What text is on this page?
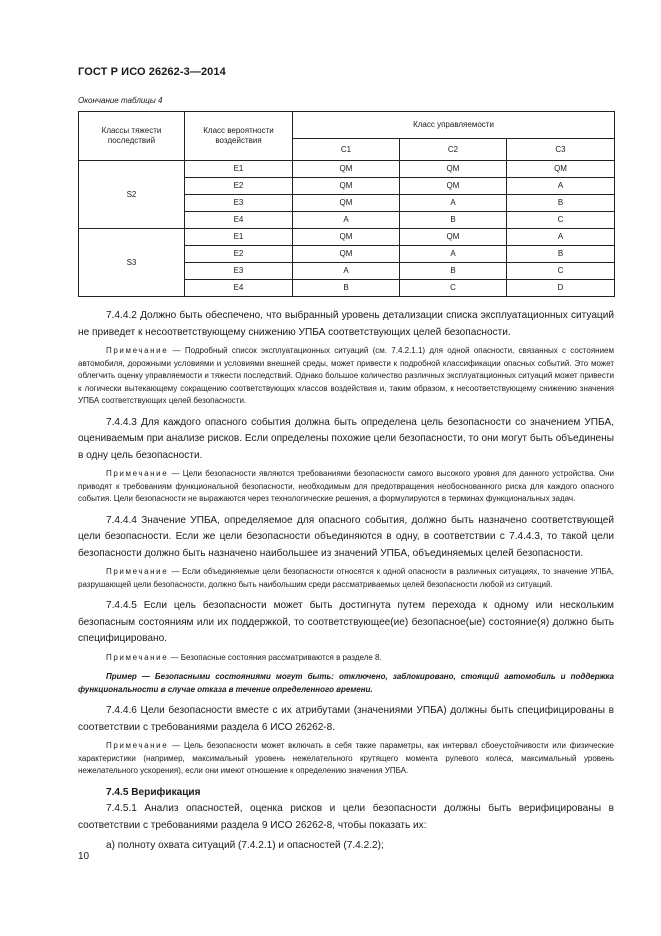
ГОСТ Р ИСО 26262-3—2014
Окончание таблицы 4
Классы тяжести последствий	Класс вероятности воздействия	Класс управляемости		
		C1	C2	C3
S2	E1	QM	QM	QM
	E2	QM	QM	A
	E3	QM	A	B
	E4	A	B	C
S3	E1	QM	QM	A
	E2	QM	A	B
	E3	A	B	C
	E4	B	C	D

7.4.4.2 Должно быть обеспечено, что выбранный уровень детализации списка эксплуатационных ситуаций не приведет к несоответствующему снижению УПБА соответствующих целей безопасности.

Примечание — Подробный список эксплуатационных ситуаций (см. 7.4.2.1.1) для одной опасности, связанных с состоянием автомобиля, дорожными условиями и условиями внешней среды, может привести к подробной классификации опасных событий. Это может облегчить оценку управляемости и тяжести последствий. Однако большое количество различных эксплуатационных ситуаций может привести к логически вытекающему сокращению соответствующих классов воздействия и, таким образом, к несоответствующему снижению значения УПБА соответствующих целей безопасности.

7.4.4.3 Для каждого опасного события должна быть определена цель безопасности со значением УПБА, оцениваемым при анализе рисков. Если определены похожие цели безопасности, то они могут быть объединены в одну цель безопасности.

Примечание — Цели безопасности являются требованиями безопасности самого высокого уровня для данного устройства. Они приводят к требованиям функциональной безопасности, необходимым для предотвращения необоснованного риска для каждого опасного события. Цели безопасности не выражаются через технологические решения, а формулируются в терминах функциональных задач.

7.4.4.4 Значение УПБА, определяемое для опасного события, должно быть назначено соответствующей цели безопасности. Если же цели безопасности объединяются в одну, в соответствии с 7.4.4.3, то такой цели безопасности должно быть назначено наибольшее из значений УПБА, объединяемых целей безопасности.

Примечание — Если объединяемые цели безопасности относятся к одной опасности в различных ситуациях, то значение УПБА, разрушающей цели безопасности, должно быть наибольшим среди рассматриваемых целей безопасности любой из ситуаций.

7.4.4.5 Если цель безопасности может быть достигнута путем перехода к одному или нескольким безопасным состояниям или их поддержкой, то соответствующее(ие) безопасное(ые) состояние(я) должно быть специфицировано.

Примечание — Безопасные состояния рассматриваются в разделе 8.

Пример — Безопасными состояниями могут быть: отключено, заблокировано, стоящий автомобиль и поддержка функциональности в случае отказа в течение определенного времени.

7.4.4.6 Цели безопасности вместе с их атрибутами (значениями УПБА) должны быть специфицированы в соответствии с требованиями раздела 6 ИСО 26262-8.

Примечание — Цель безопасности может включать в себя такие параметры, как интервал сбоеустойчивости или физические характеристики (например, максимальный уровень нежелательного крутящего момента рулевого колеса, максимальный уровень нежелательного ускорения), если они имеют отношение к определению значения УПБА.

7.4.5 Верификация

7.4.5.1 Анализ опасностей, оценка рисков и цели безопасности должны быть верифицированы в соответствии с требованиями раздела 9 ИСО 26262-8, чтобы показать их:

a) полноту охвата ситуаций (7.4.2.1) и опасностей (7.4.2.2);

10
